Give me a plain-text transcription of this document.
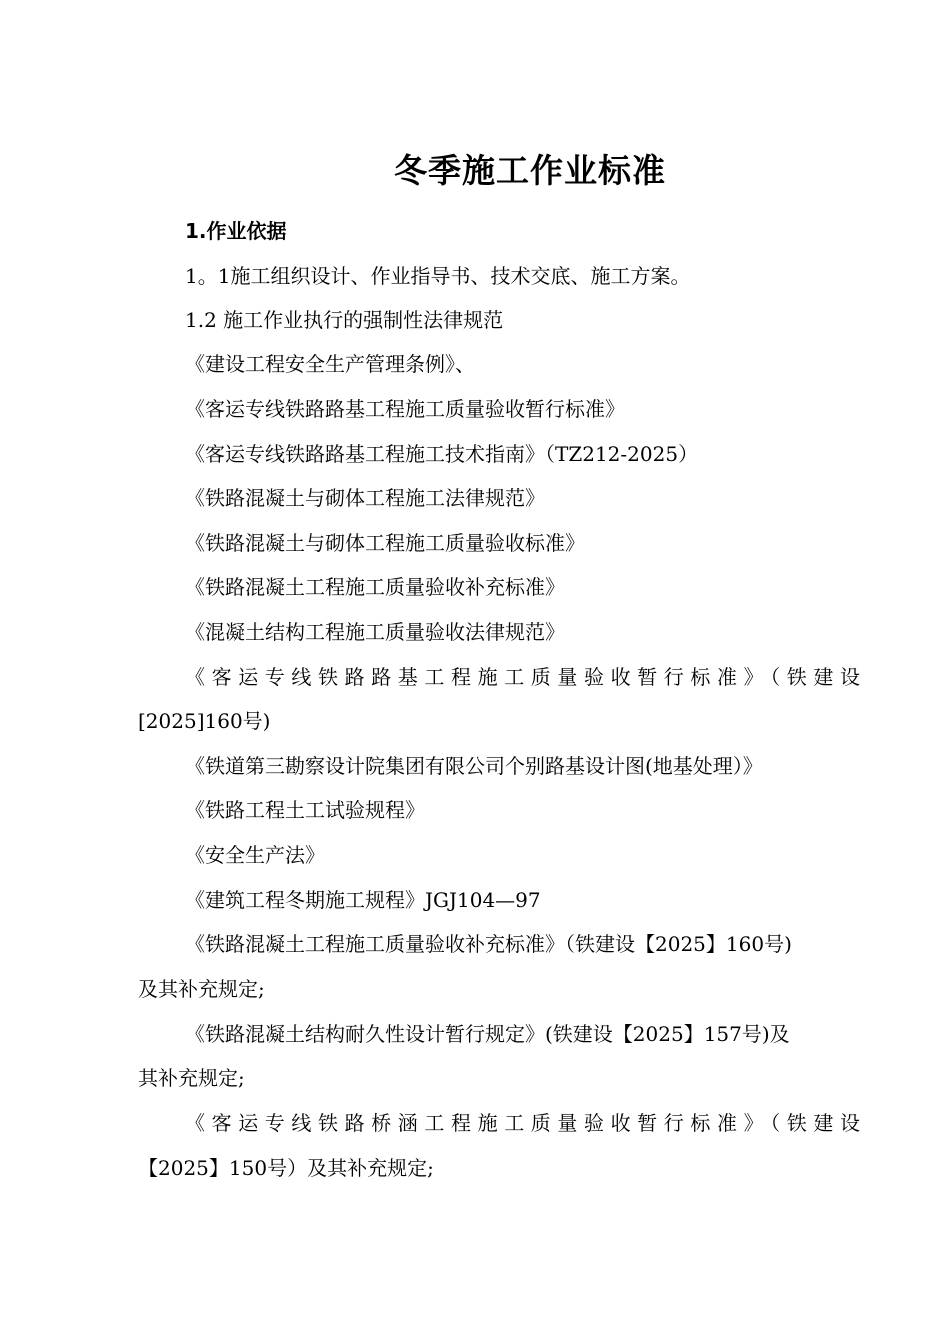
冬季施工作业标准
1.作业依据
1。1施工组织设计、作业指导书、技术交底、施工方案。
1.2 施工作业执行的强制性法律规范
《建设工程安全生产管理条例》、
《客运专线铁路路基工程施工质量验收暂行标准》
《客运专线铁路路基工程施工技术指南》（TZ212-2025）
《铁路混凝土与砌体工程施工法律规范》
《铁路混凝土与砌体工程施工质量验收标准》
《铁路混凝土工程施工质量验收补充标准》
《混凝土结构工程施工质量验收法律规范》
《客运专线铁路路基工程施工质量验收暂行标准》（铁建设
[2025]160号)
《铁道第三勘察设计院集团有限公司个别路基设计图(地基处理）》
《铁路工程土工试验规程》
《安全生产法》
《建筑工程冬期施工规程》JGJ104—97
《铁路混凝土工程施工质量验收补充标准》（铁建设【2025】160号)
及其补充规定;
《铁路混凝土结构耐久性设计暂行规定》(铁建设【2025】157号)及
其补充规定;
《客运专线铁路桥涵工程施工质量验收暂行标准》（铁建设
【2025】150号）及其补充规定;
